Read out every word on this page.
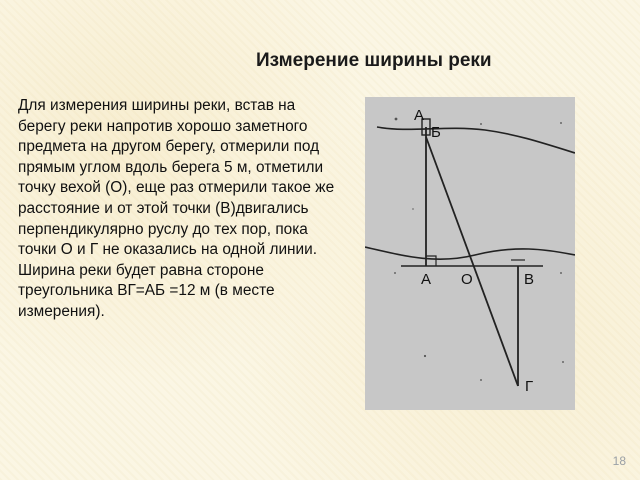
Измерение ширины реки

Для измерения ширины реки, встав на берегу реки напротив хорошо заметного предмета на другом берегу, отмерили под прямым углом вдоль берега 5 м, отметили точку вехой (О), еще раз отмерили такое же расстояние и от этой точки (В)двигались перпендикулярно руслу до тех пор, пока точки О и Г не оказались на одной линии. Ширина реки будет равна стороне треугольника ВГ=АБ =12 м (в месте измерения).

А
Б
А О	В
Г
18
